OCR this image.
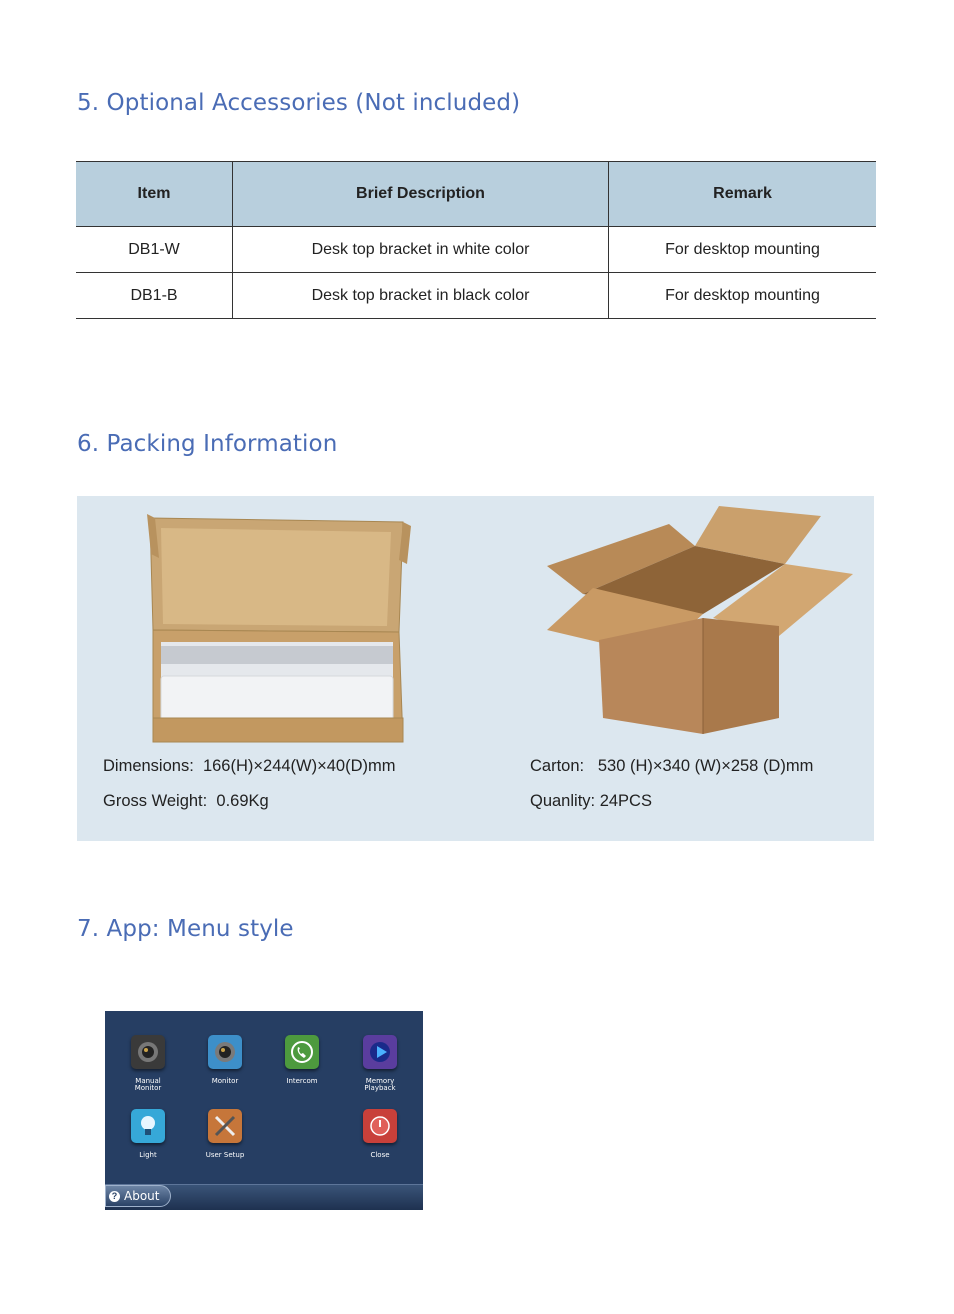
5. Optional Accessories (Not included)
Item	Brief Description	Remark
DB1-W	Desk top bracket in white color	For desktop mounting
DB1-B	Desk top bracket in black color	For desktop mounting
6. Packing Information
Dimensions:  166(H)×244(W)×40(D)mm
Gross Weight:  0.69Kg
Carton:   530 (H)×340 (W)×258 (D)mm
Quanlity: 24PCS
7. App: Menu style
Manual
Monitor
Monitor	Intercom	Memory
Playback
Light	User Setup	Close
? About
